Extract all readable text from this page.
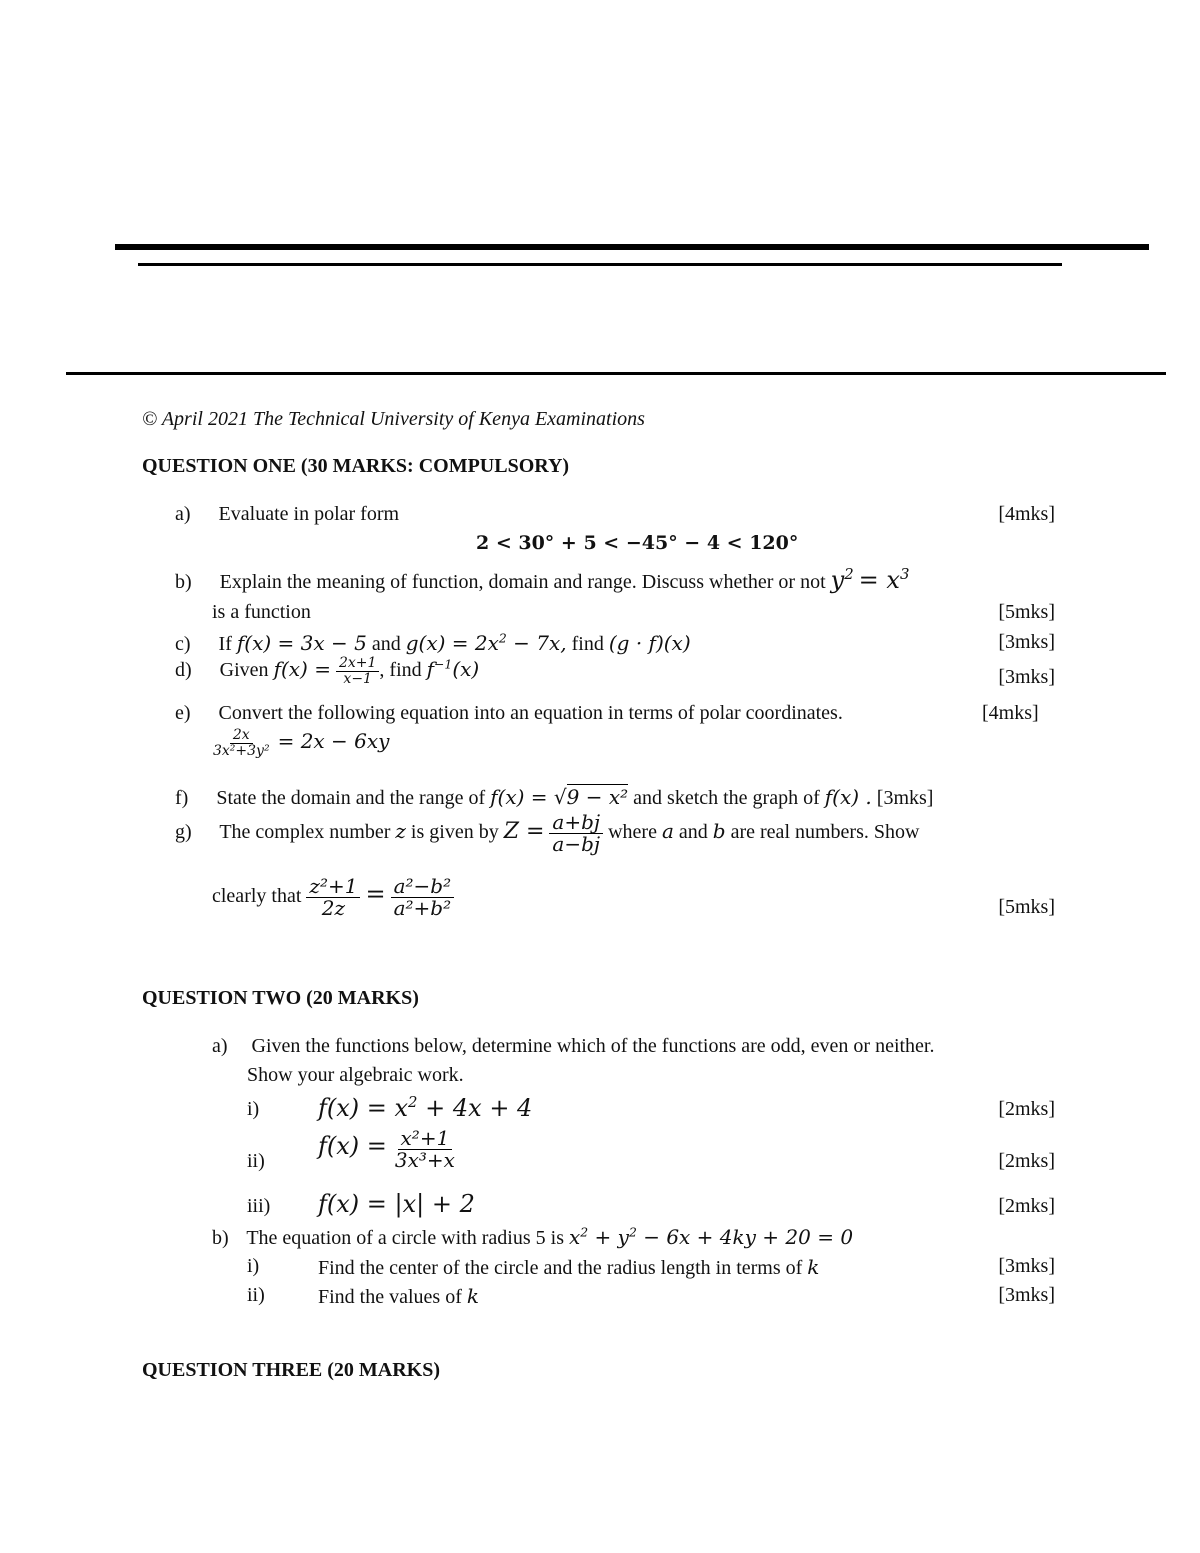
© April 2021 The Technical University of Kenya Examinations
QUESTION ONE (30 MARKS: COMPULSORY)
a) Evaluate in polar form	[4mks]
2 < 30° + 5 < −45° − 4 < 120°
b) Explain the meaning of function, domain and range. Discuss whether or not $y^2 = x^3$
is a function	[5mks]
c) If f(x) = 3x − 5 and $g(x) = 2x^2 - 7x$, find (g · f)(x)	[3mks]
d) Given $f(x) = \frac{2x+1}{x-1}$ , find $f^{-1}(x)$	[3mks]
e) Convert the following equation into an equation in terms of polar coordinates.	[4mks]
$\frac{2x}{\text{3x²+3y²}} = 2x - 6xy$
f) State the domain and the range of f(x) = √9 − x² and sketch the graph of f(x) . [3mks]
g) The complex number z is given by $Z = \frac{a+bj}{a-bj}$ where a and b are real numbers. Show
clearly that $\frac{\text{z²+1}}{2z} = \frac{\text{a²−b²}}{\text{a²+b²}}$	[5mks]
QUESTION TWO (20 MARKS)
a) Given the functions below, determine which of the functions are odd, even or neither.
Show your algebraic work.
i) $f(x) = x^2 + 4x + 4$	[2mks]
ii)
$f(x) = \frac{\text{x²+1}}{\text{3x³+x}}$	[2mks]
iii) f(x) = |x| + 2	[2mks]
b) The equation of a circle with radius 5 is $x^2 + y^2 - 6x + 4ky + 20 = 0$
i)	Find the center of the circle and the radius length in terms of k	[3mks]
ii)	Find the values of k	[3mks]
QUESTION THREE (20 MARKS)
